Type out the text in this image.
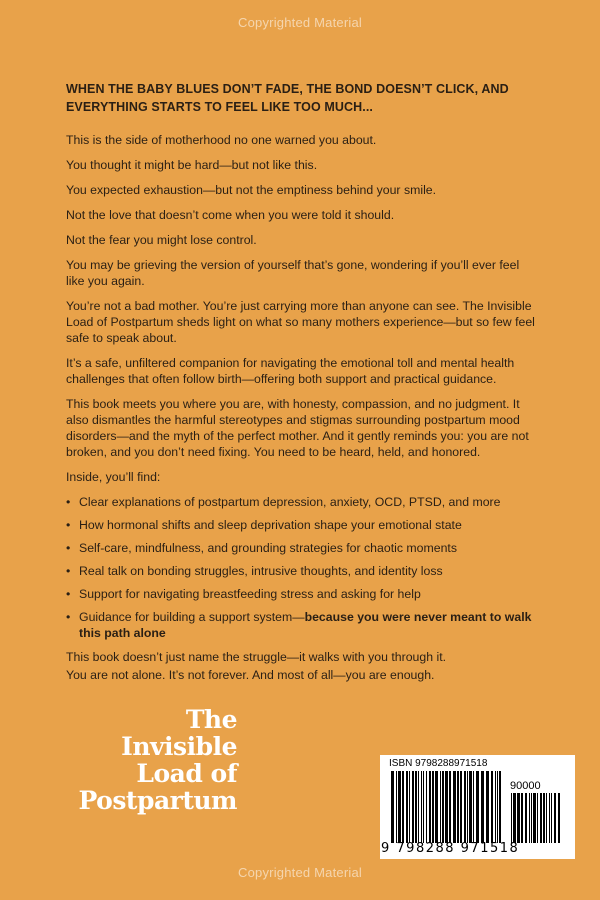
Copyrighted Material

WHEN THE BABY BLUES DON’T FADE, THE BOND DOESN’T CLICK, AND EVERYTHING STARTS TO FEEL LIKE TOO MUCH...

This is the side of motherhood no one warned you about.

You thought it might be hard—but not like this.

You expected exhaustion—but not the emptiness behind your smile.

Not the love that doesn’t come when you were told it should.

Not the fear you might lose control.

You may be grieving the version of yourself that’s gone, wondering if you’ll ever feel like you again.

You’re not a bad mother. You’re just carrying more than anyone can see. The Invisible Load of Postpartum sheds light on what so many mothers experience—but so few feel safe to speak about.

It’s a safe, unfiltered companion for navigating the emotional toll and mental health challenges that often follow birth—offering both support and practical guidance.

This book meets you where you are, with honesty, compassion, and no judgment. It also dismantles the harmful stereotypes and stigmas surrounding postpartum mood disorders—and the myth of the perfect mother. And it gently reminds you: you are not broken, and you don’t need fixing. You need to be heard, held, and honored.

Inside, you’ll find:

• Clear explanations of postpartum depression, anxiety, OCD, PTSD, and more
• How hormonal shifts and sleep deprivation shape your emotional state
• Self-care, mindfulness, and grounding strategies for chaotic moments
• Real talk on bonding struggles, intrusive thoughts, and identity loss
• Support for navigating breastfeeding stress and asking for help
• Guidance for building a support system—because you were never meant to walk this path alone

This book doesn’t just name the struggle—it walks with you through it.

You are not alone. It’s not forever. And most of all—you are enough.

The
Invisible
Load of
Postpartum
ISBN 9798288971518
90000
9 798288 971518
Copyrighted Material
